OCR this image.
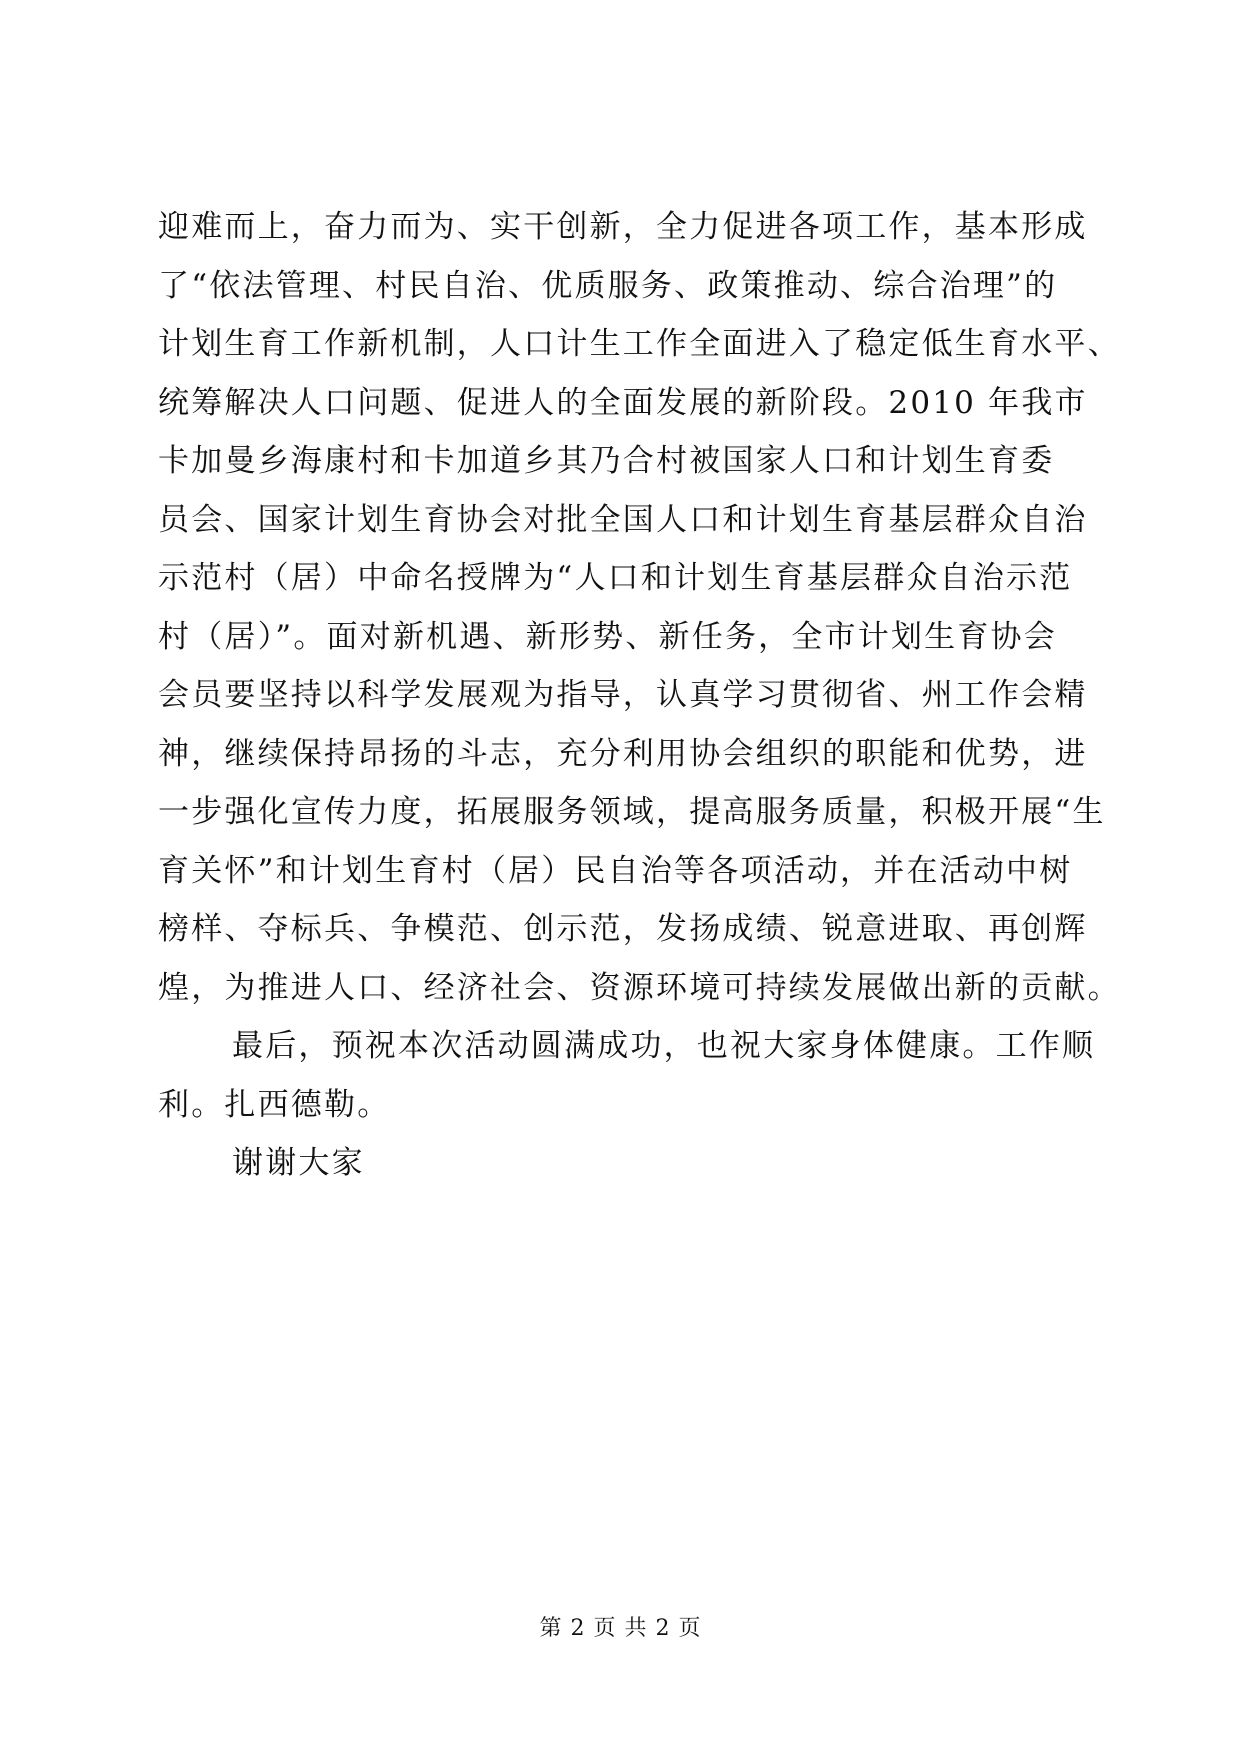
迎难而上，奋力而为、实干创新，全力促进各项工作，基本形成
了“依法管理、村民自治、优质服务、政策推动、综合治理”的
计划生育工作新机制，人口计生工作全面进入了稳定低生育水平、
统筹解决人口问题、促进人的全面发展的新阶段。2010 年我市
卡加曼乡海康村和卡加道乡其乃合村被国家人口和计划生育委
员会、国家计划生育协会对批全国人口和计划生育基层群众自治
示范村（居）中命名授牌为“人口和计划生育基层群众自治示范
村（居）”。面对新机遇、新形势、新任务，全市计划生育协会
会员要坚持以科学发展观为指导，认真学习贯彻省、州工作会精
神，继续保持昂扬的斗志，充分利用协会组织的职能和优势，进
一步强化宣传力度，拓展服务领域，提高服务质量，积极开展“生
育关怀”和计划生育村（居）民自治等各项活动，并在活动中树
榜样、夺标兵、争模范、创示范，发扬成绩、锐意进取、再创辉
煌，为推进人口、经济社会、资源环境可持续发展做出新的贡献。
最后，预祝本次活动圆满成功，也祝大家身体健康。工作顺
利。扎西德勒。
谢谢大家
第 2 页 共 2 页
